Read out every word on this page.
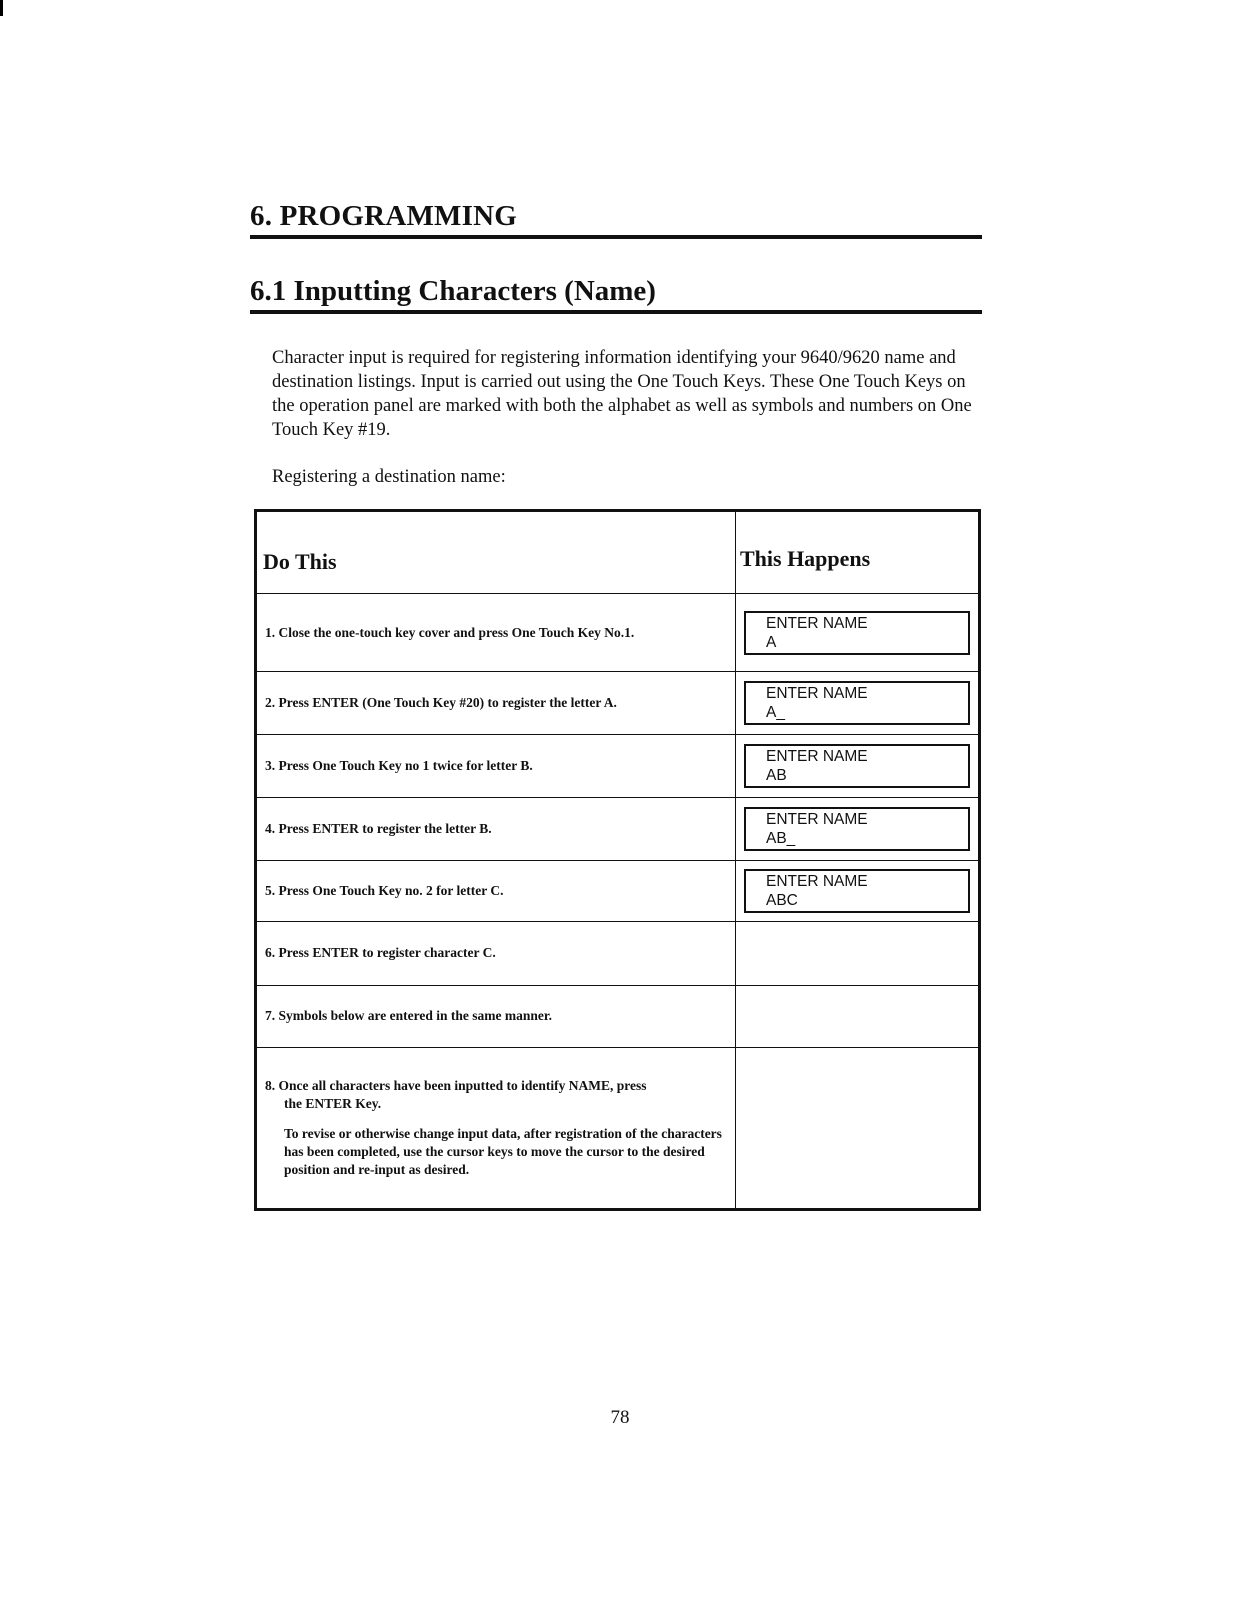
6. PROGRAMMING
6.1 Inputting Characters (Name)

Character input is required for registering information identifying your 9640/9620 name and destination listings. Input is carried out using the One Touch Keys. These One Touch Keys on the operation panel are marked with both the alphabet as well as symbols and numbers on One Touch Key #19.

Registering a destination name:

Do This	This Happens
1. Close the one-touch key cover and press One Touch Key No.1.	ENTER NAME
A

2. Press ENTER (One Touch Key #20) to register the letter A.	ENTER NAME
A_

3. Press One Touch Key no 1 twice for letter B.	ENTER NAME
AB

4. Press ENTER to register the letter B.	ENTER NAME
AB_

5. Press One Touch Key no. 2 for letter C.	ENTER NAME
ABC

6. Press ENTER to register character C.	
7. Symbols below are entered in the same manner.	
8. Once all characters have been inputted to identify NAME, press
the ENTER Key.
To revise or otherwise change input data, after registration of the characters has been completed, use the cursor keys to move the cursor to the desired position and re-input as desired.	

78
